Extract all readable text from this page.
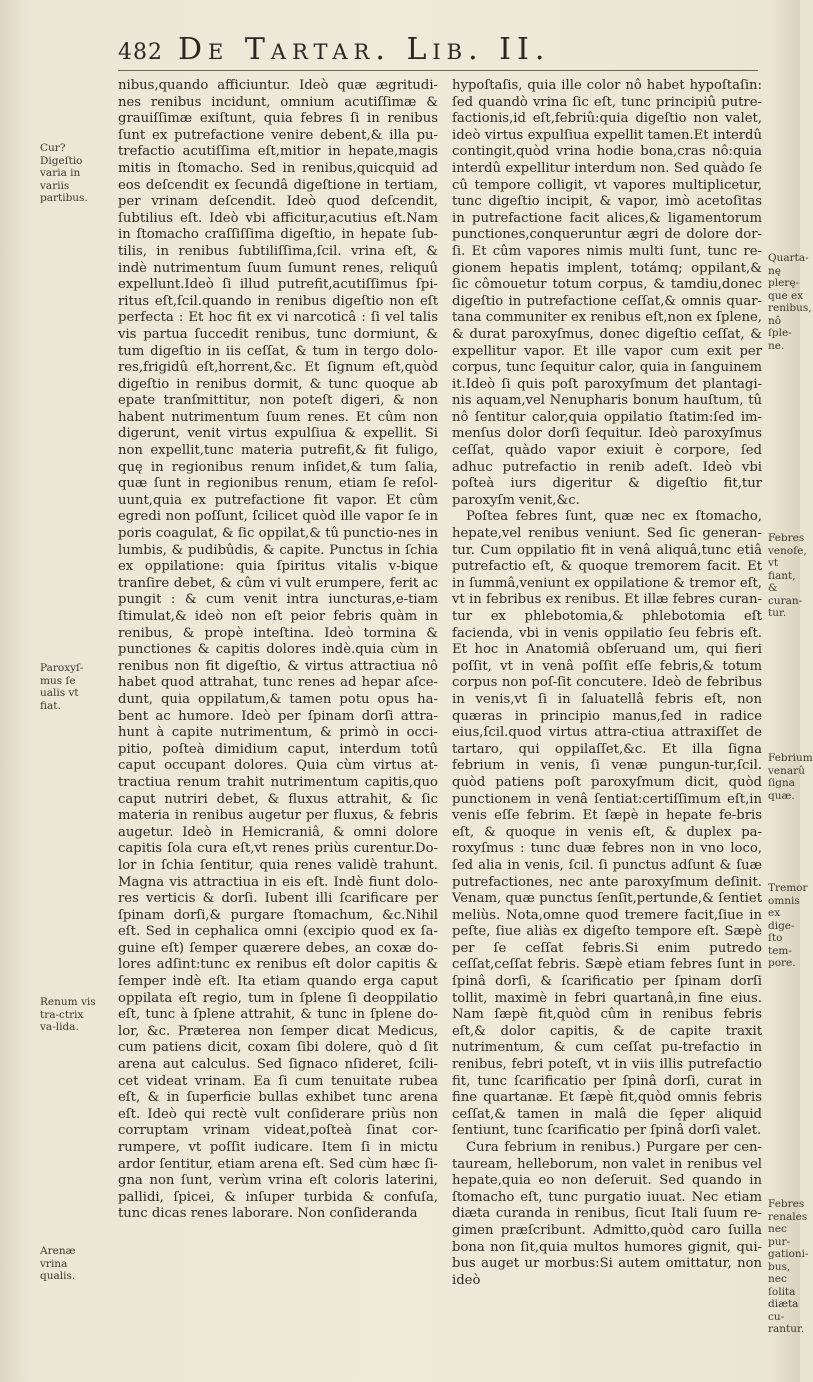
482 De Tartar. Lib. II.
Cur? Digeſtio varia in variis partibus.
Paroxyſ-mus ſe ualis vt fiat.
Renum vis tra-ctrix va-lida.
Arenæ vrina qualis.

nibus,quando afficiuntur. Ideò quæ ægritudi-nes renibus incidunt, omnium acutiſſimæ & grauiſſimæ exiſtunt, quia febres ſi in renibus ſunt ex putrefactione venire debent,& illa pu-trefactio acutiſſima eſt,mitior in hepate,magis mitis in ſtomacho. Sed in renibus,quicquid ad eos deſcendit ex ſecundâ digeſtione in tertiam, per vrinam deſcendit. Ideò quod deſcendit, ſubtilius eſt. Ideò vbi afficitur,acutius eſt.Nam in ſtomacho craſſiſſima digeſtio, in hepate ſub-tilis, in renibus ſubtiliſſima,ſcil. vrina eſt, & indè nutrimentum ſuum ſumunt renes, reliquû expellunt.Ideò ſi illud putrefit,acutiſſimus ſpi-ritus eſt,ſcil.quando in renibus digeſtio non eſt perfecta : Et hoc fit ex vi narcoticâ : ſi vel talis vis partua ſuccedit renibus, tunc dormiunt, & tum digeſtio in iis ceſſat, & tum in tergo dolo-res,frigidû eſt,horrent,&c. Et ſignum eſt,quòd digeſtio in renibus dormit, & tunc quoque ab epate tranſmittitur, non poteſt digeri, & non habent nutrimentum ſuum renes. Et cûm non digerunt, venit virtus expulſiua & expellit. Si non expellit,tunc materia putrefit,& fit fuligo, quę in regionibus renum inſidet,& tum ſalia, quæ ſunt in regionibus renum, etiam ſe reſol-uunt,quia ex putrefactione fit vapor. Et cûm egredi non poſſunt, ſcilicet quòd ille vapor ſe in poris coagulat, & ſic oppilat,& tû punctio-nes in lumbis, & pudibûdis, & capite. Punctus in ſchia ex oppilatione: quia ſpiritus vitalis v-bique tranſire debet, & cûm vi vult erumpere, ferit ac pungit : & cum venit intra iuncturas,e-tiam ſtimulat,& ideò non eſt peior febris quàm in renibus, & propè inteſtina. Ideò tormina & punctiones & capitis dolores indè.quia cùm in renibus non fit digeſtio, & virtus attractiua nô habet quod attrahat, tunc renes ad hepar aſce-dunt, quia oppilatum,& tamen potu opus ha-bent ac humore. Ideò per ſpinam dorſi attra-hunt à capite nutrimentum, & primò in occi-pitio, poſteà dimidium caput, interdum totû caput occupant dolores. Quia cùm virtus at-tractiua renum trahit nutrimentum capitis,quo caput nutriri debet, & fluxus attrahit, & ſic materia in renibus augetur per fluxus, & febris augetur. Ideò in Hemicraniâ, & omni dolore capitis ſola cura eſt,vt renes priùs curentur.Do-lor in ſchia ſentitur, quia renes validè trahunt. Magna vis attractiua in eis eſt. Indè fiunt dolo-res verticis & dorſi. Iubent illi ſcarificare per ſpinam dorſi,& purgare ſtomachum, &c.Nihil eſt. Sed in cephalica omni (excipio quod ex ſa-guine eſt) ſemper quærere debes, an coxæ do-lores adſint:tunc ex renibus eſt dolor capitis & ſemper indè eſt. Ita etiam quando erga caput oppilata eſt regio, tum in ſplene ſi deoppilatio eſt, tunc à ſplene attrahit, & tunc in ſplene do-lor, &c. Præterea non ſemper dicat Medicus, cum patiens dicit, coxam ſibi dolere, quò d ſit arena aut calculus. Sed ſignaco nſideret, ſcili-cet videat vrinam. Ea ſi cum tenuitate rubea eſt, & in ſuperficie bullas exhibet tunc arena eſt. Ideò qui rectè vult conſiderare priùs non corruptam vrinam videat,poſteà ſinat cor-rumpere, vt poſſit iudicare. Item ſi in mictu ardor ſentitur, etiam arena eſt. Sed cùm hæc ſi-gna non ſunt, verùm vrina eſt coloris laterini, pallidi, ſpicei, & inſuper turbida & confuſa, tunc dicas renes laborare. Non conſideranda

hypoſtaſis, quia ille color nô habet hypoſtaſin: ſed quandò vrina ſic eſt, tunc principiû putre-factionis,id eſt,febriû:quia digeſtio non valet, ideò virtus expulſiua expellit tamen.Et interdû contingit,quòd vrina hodie bona,cras nô:quia interdû expellitur interdum non. Sed quàdo ſe cû tempore colligit, vt vapores multiplicetur, tunc digeſtio incipit, & vapor, imò acetoſitas in putrefactione facit alices,& ligamentorum punctiones,conqueruntur ægri de dolore dor-ſi. Et cûm vapores nimis multi ſunt, tunc re-gionem hepatis implent, totámq; oppilant,& ſic cômouetur totum corpus, & tamdiu,donec digeſtio in putrefactione ceſſat,& omnis quar-tana communiter ex renibus eſt,non ex ſplene, & durat paroxyſmus, donec digeſtio ceſſat, & expellitur vapor. Et ille vapor cum exit per corpus, tunc ſequitur calor, quia in ſanguinem it.Ideò ſi quis poſt paroxyſmum det plantagi-nis aquam,vel Nenupharis bonum hauſtum, tû nô ſentitur calor,quia oppilatio ſtatim:ſed im-menſus dolor dorſi ſequitur. Ideò paroxyſmus ceſſat, quàdo vapor exiuit è corpore, ſed adhuc putrefactio in renib adeſt. Ideò vbi poſteà iurs digeritur & digeſtio fit,tur paroxyſm venit,&c.

Poſtea febres ſunt, quæ nec ex ſtomacho, hepate,vel renibus veniunt. Sed ſic generan-tur. Cum oppilatio fit in venâ aliquâ,tunc etiâ putrefactio eſt, & quoque tremorem facit. Et in ſummâ,veniunt ex oppilatione & tremor eſt, vt in febribus ex renibus. Et illæ febres curan-tur ex phlebotomia,& phlebotomia eſt facienda, vbi in venis oppilatio ſeu febris eſt. Et hoc in Anatomiâ obſeruand um, qui fieri poſſit, vt in venâ poſſit eſſe febris,& totum corpus non poſ-ſit concutere. Ideò de febribus in venis,vt ſi in ſaluatellâ febris eſt, non quæras in principio manus,ſed in radice eius,ſcil.quod virtus attra-ctiua attraxiſſet de tartaro, qui oppilaſſet,&c. Et illa ſigna febrium in venis, ſi venæ pungun-tur,ſcil. quòd patiens poſt paroxyſmum dicit, quòd punctionem in venâ ſentiat:certiſſimum eſt,in venis eſſe febrim. Et ſæpè in hepate fe-bris eſt, & quoque in venis eſt, & duplex pa-roxyſmus : tunc duæ febres non in vno loco, ſed alia in venis, ſcil. ſi punctus adſunt & ſuæ putrefactiones, nec ante paroxyſmum deſinit. Venam, quæ punctus ſenſit,pertunde,& ſentiet meliùs. Nota,omne quod tremere facit,ſiue in peſte, ſiue aliàs ex digeſto tempore eſt. Sæpè per ſe ceſſat febris.Si enim putredo ceſſat,ceſſat febris. Sæpè etiam febres ſunt in ſpinâ dorſi, & ſcarificatio per ſpinam dorſi tollit, maximè in febri quartanâ,in fine eius. Nam ſæpè fit,quòd cûm in renibus febris eſt,& dolor capitis, & de capite traxit nutrimentum, & cum ceſſat pu-trefactio in renibus, febri poteſt, vt in viis illis putrefactio fit, tunc ſcarificatio per ſpinâ dorſi, curat in fine quartanæ. Et ſæpè fit,quòd omnis febris ceſſat,& tamen in malâ die ſęper aliquid ſentiunt, tunc ſcarificatio per ſpinâ dorſi valet.

Cura febrium in renibus.) Purgare per cen-tauream, helleborum, non valet in renibus vel hepate,quia eo non deſeruit. Sed quando in ſtomacho eſt, tunc purgatio iuuat. Nec etiam diæta curanda in renibus, ſicut Itali ſuum re-gimen præſcribunt. Admitto,quòd caro ſuilla bona non ſit,quia multos humores gignit, qui-bus auget ur morbus:Si autem omittatur, non ideò

Quarta-nę plerę-que ex renibus, nô ſple-ne.
Febres venoſe, vt fiant, & curan-tur.
Febrium venarû ſigna quæ.
Tremor omnis ex dige-ſto tem-pore.
Febres renales nec pur-gationi-bus, nec ſolita diæta cu-rantur.
